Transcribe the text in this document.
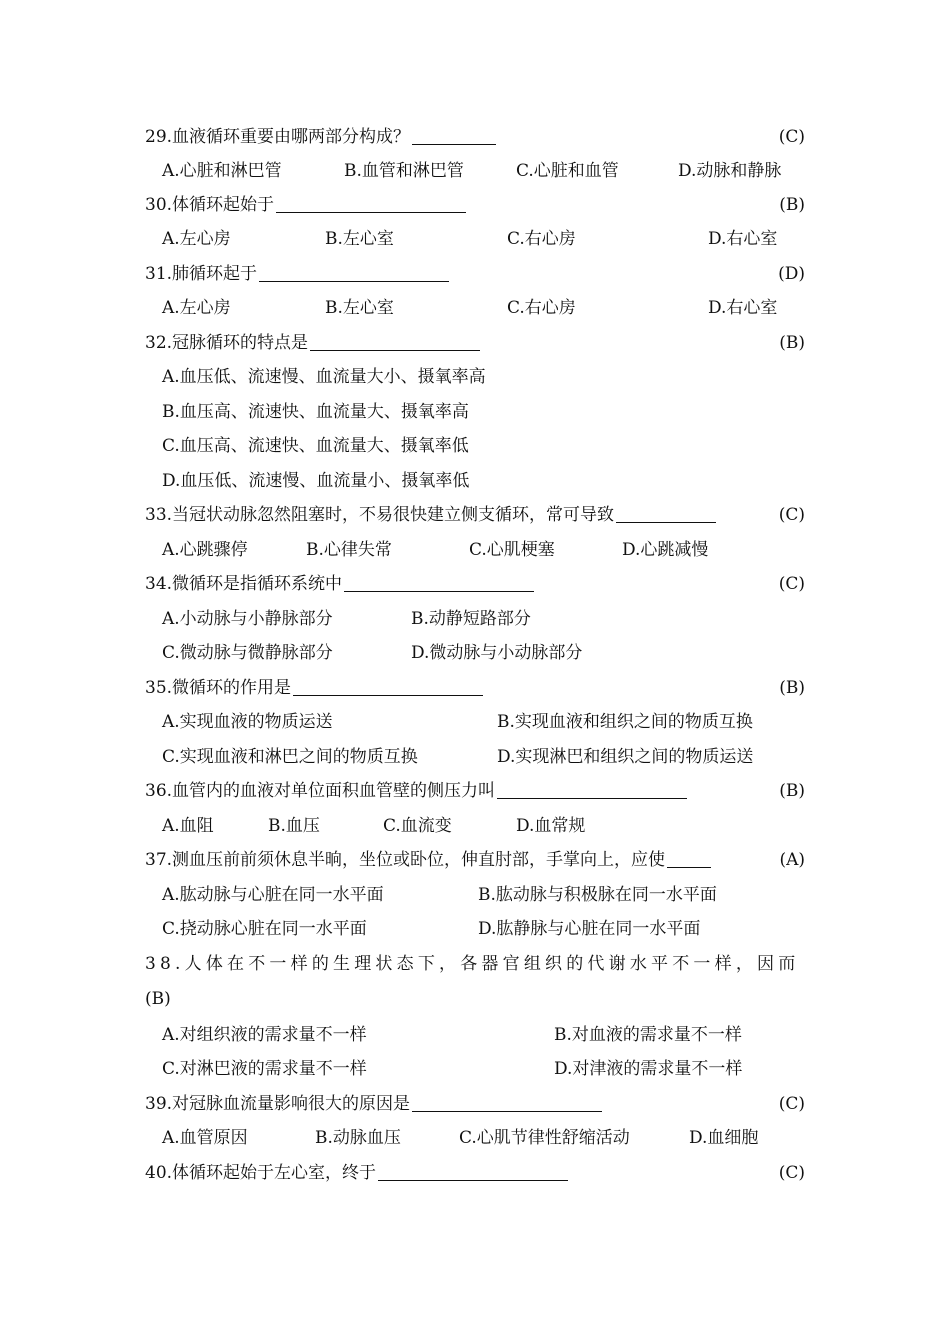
29.血液循环重要由哪两部分构成？	(C)
A.心脏和淋巴管	B.血管和淋巴管	C.心脏和血管	D.动脉和静脉
30.体循环起始于	(B)
A.左心房	B.左心室	C.右心房	D.右心室
31.肺循环起于	(D)
A.左心房	B.左心室	C.右心房	D.右心室
32.冠脉循环的特点是	(B)
A.血压低、流速慢、血流量大小、摄氧率高
B.血压高、流速快、血流量大、摄氧率高
C.血压高、流速快、血流量大、摄氧率低
D.血压低、流速慢、血流量小、摄氧率低
33.当冠状动脉忽然阻塞时，不易很快建立侧支循环，常可导致	(C)
A.心跳骤停	B.心律失常	C.心肌梗塞	D.心跳减慢
34.微循环是指循环系统中	(C)
A.小动脉与小静脉部分	B.动静短路部分
C.微动脉与微静脉部分	D.微动脉与小动脉部分
35.微循环的作用是	(B)
A.实现血液的物质运送	B.实现血液和组织之间的物质互换
C.实现血液和淋巴之间的物质互换	D.实现淋巴和组织之间的物质运送
36.血管内的血液对单位面积血管壁的侧压力叫	(B)
A.血阻	B.血压	C.血流变	D.血常规
37.测血压前前须休息半晌，坐位或卧位，伸直肘部，手掌向上，应使	(A)
A.肱动脉与心脏在同一水平面	B.肱动脉与积极脉在同一水平面
C.挠动脉心脏在同一水平面	D.肱静脉与心脏在同一水平面
38.人体在不一样的生理状态下，各器官组织的代谢水平不一样，因而
(B)
A.对组织液的需求量不一样	B.对血液的需求量不一样
C.对淋巴液的需求量不一样	D.对津液的需求量不一样
39.对冠脉血流量影响很大的原因是	(C)
A.血管原因	B.动脉血压	C.心肌节律性舒缩活动	D.血细胞
40.体循环起始于左心室，终于	(C)
